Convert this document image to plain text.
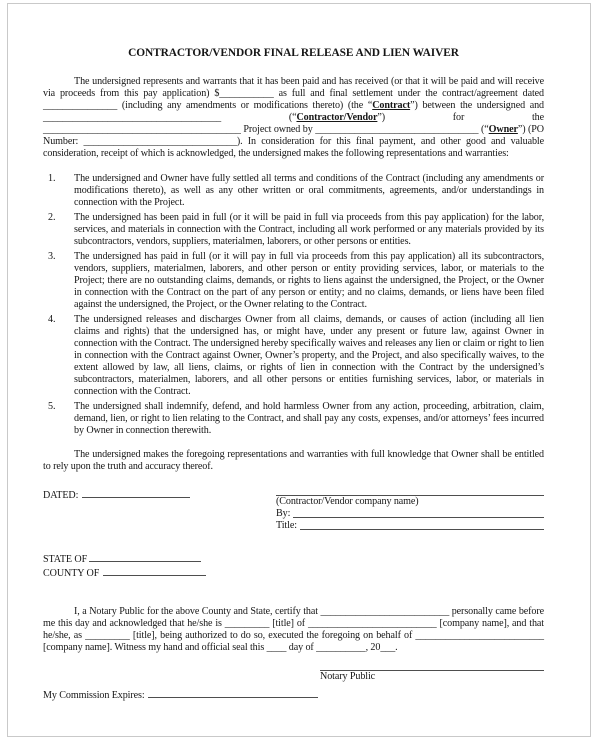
CONTRACTOR/VENDOR FINAL RELEASE AND LIEN WAIVER

The undersigned represents and warrants that it has been paid and has received (or that it will be paid and will receive via proceeds from this pay application) $___________ as full and final settlement under the contract/agreement dated _______________ (including any amendments or modifications thereto) (the “Contract”) between the undersigned and ____________________________________ (“Contractor/Vendor”) for the ________________________________________ Project owned by _________________________________ (“Owner”) (PO Number: _______________________________). In consideration for this final payment, and other good and valuable consideration, receipt of which is acknowledged, the undersigned makes the following representations and warranties:

1. The undersigned and Owner have fully settled all terms and conditions of the Contract (including any amendments or modifications thereto), as well as any other written or oral commitments, agreements, and/or understandings in connection with the Project.
2. The undersigned has been paid in full (or it will be paid in full via proceeds from this pay application) for the labor, services, and materials in connection with the Contract, including all work performed or any materials provided by its subcontractors, vendors, suppliers, materialmen, laborers, or other persons or entities.
3. The undersigned has paid in full (or it will pay in full via proceeds from this pay application) all its subcontractors, vendors, suppliers, materialmen, laborers, and other person or entity providing services, labor, or materials to the Project; there are no outstanding claims, demands, or rights to liens against the undersigned, the Project, or the Owner in connection with the Contract on the part of any person or entity; and no claims, demands, or liens have been filed against the undersigned, the Project, or the Owner relating to the Contract.
4. The undersigned releases and discharges Owner from all claims, demands, or causes of action (including all lien claims and rights) that the undersigned has, or might have, under any present or future law, against Owner in connection with the Contract. The undersigned hereby specifically waives and releases any lien or claim or right to lien in connection with the Contract against Owner, Owner’s property, and the Project, and also specifically waives, to the extent allowed by law, all liens, claims, or rights of lien in connection with the Contract by the undersigned’s subcontractors, materialmen, laborers, and all other persons or entities furnishing services, labor, or materials in connection with the Contract.
5. The undersigned shall indemnify, defend, and hold harmless Owner from any action, proceeding, arbitration, claim, demand, lien, or right to lien relating to the Contract, and shall pay any costs, expenses, and/or attorneys’ fees incurred by Owner in connection therewith.

The undersigned makes the foregoing representations and warranties with full knowledge that Owner shall be entitled to rely upon the truth and accuracy thereof.

DATED:
(Contractor/Vendor company name)
By:
Title:
STATE OF
COUNTY OF

I, a Notary Public for the above County and State, certify that __________________________ personally came before me this day and acknowledged that he/she is _________ [title] of __________________________ [company name], and that he/she, as _________ [title], being authorized to do so, executed the foregoing on behalf of __________________________ [company name]. Witness my hand and official seal this ____ day of __________, 20___.

Notary Public
My Commission Expires:
